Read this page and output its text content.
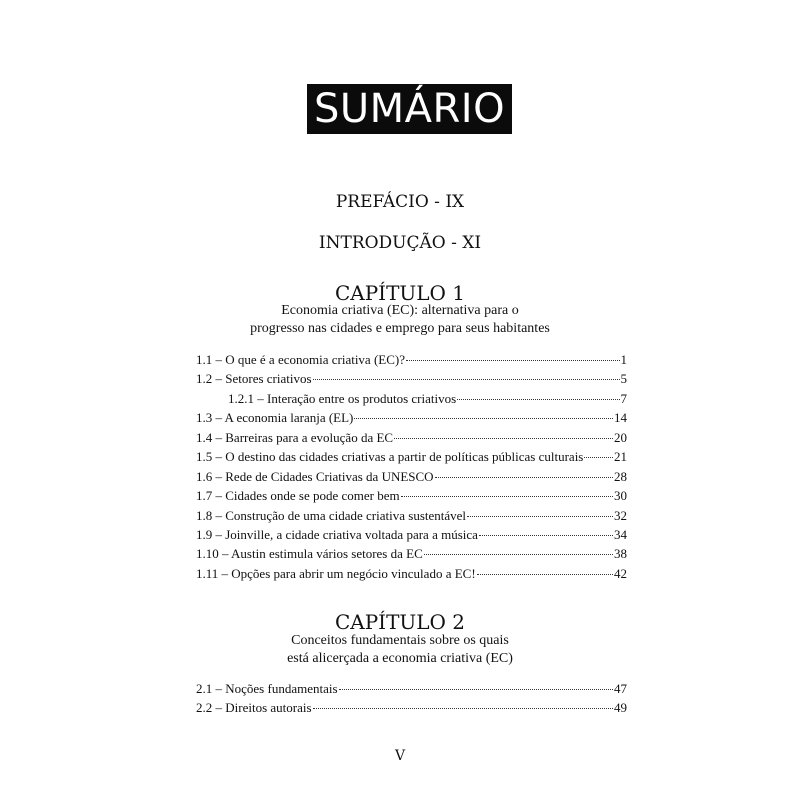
SUMÁRIO
PREFÁCIO - IX
INTRODUÇÃO - XI
CAPÍTULO 1
Economia criativa (EC): alternativa para o
progresso nas cidades e emprego para seus habitantes
1.1 – O que é a economia criativa (EC)?	1
1.2 – Setores criativos	5
1.2.1 – Interação entre os produtos criativos	7
1.3 – A economia laranja (EL)	14
1.4 – Barreiras para a evolução da EC	20
1.5 – O destino das cidades criativas a partir de políticas públicas culturais 21
1.6 – Rede de Cidades Criativas da UNESCO	28
1.7 – Cidades onde se pode comer bem	30
1.8 – Construção de uma cidade criativa sustentável	32
1.9 – Joinville, a cidade criativa voltada para a música	34
1.10 – Austin estimula vários setores da EC	38
1.11 – Opções para abrir um negócio vinculado a EC!	42
CAPÍTULO 2
Conceitos fundamentais sobre os quais
está alicerçada a economia criativa (EC)
2.1 – Noções fundamentais	47
2.2 – Direitos autorais	49
V
